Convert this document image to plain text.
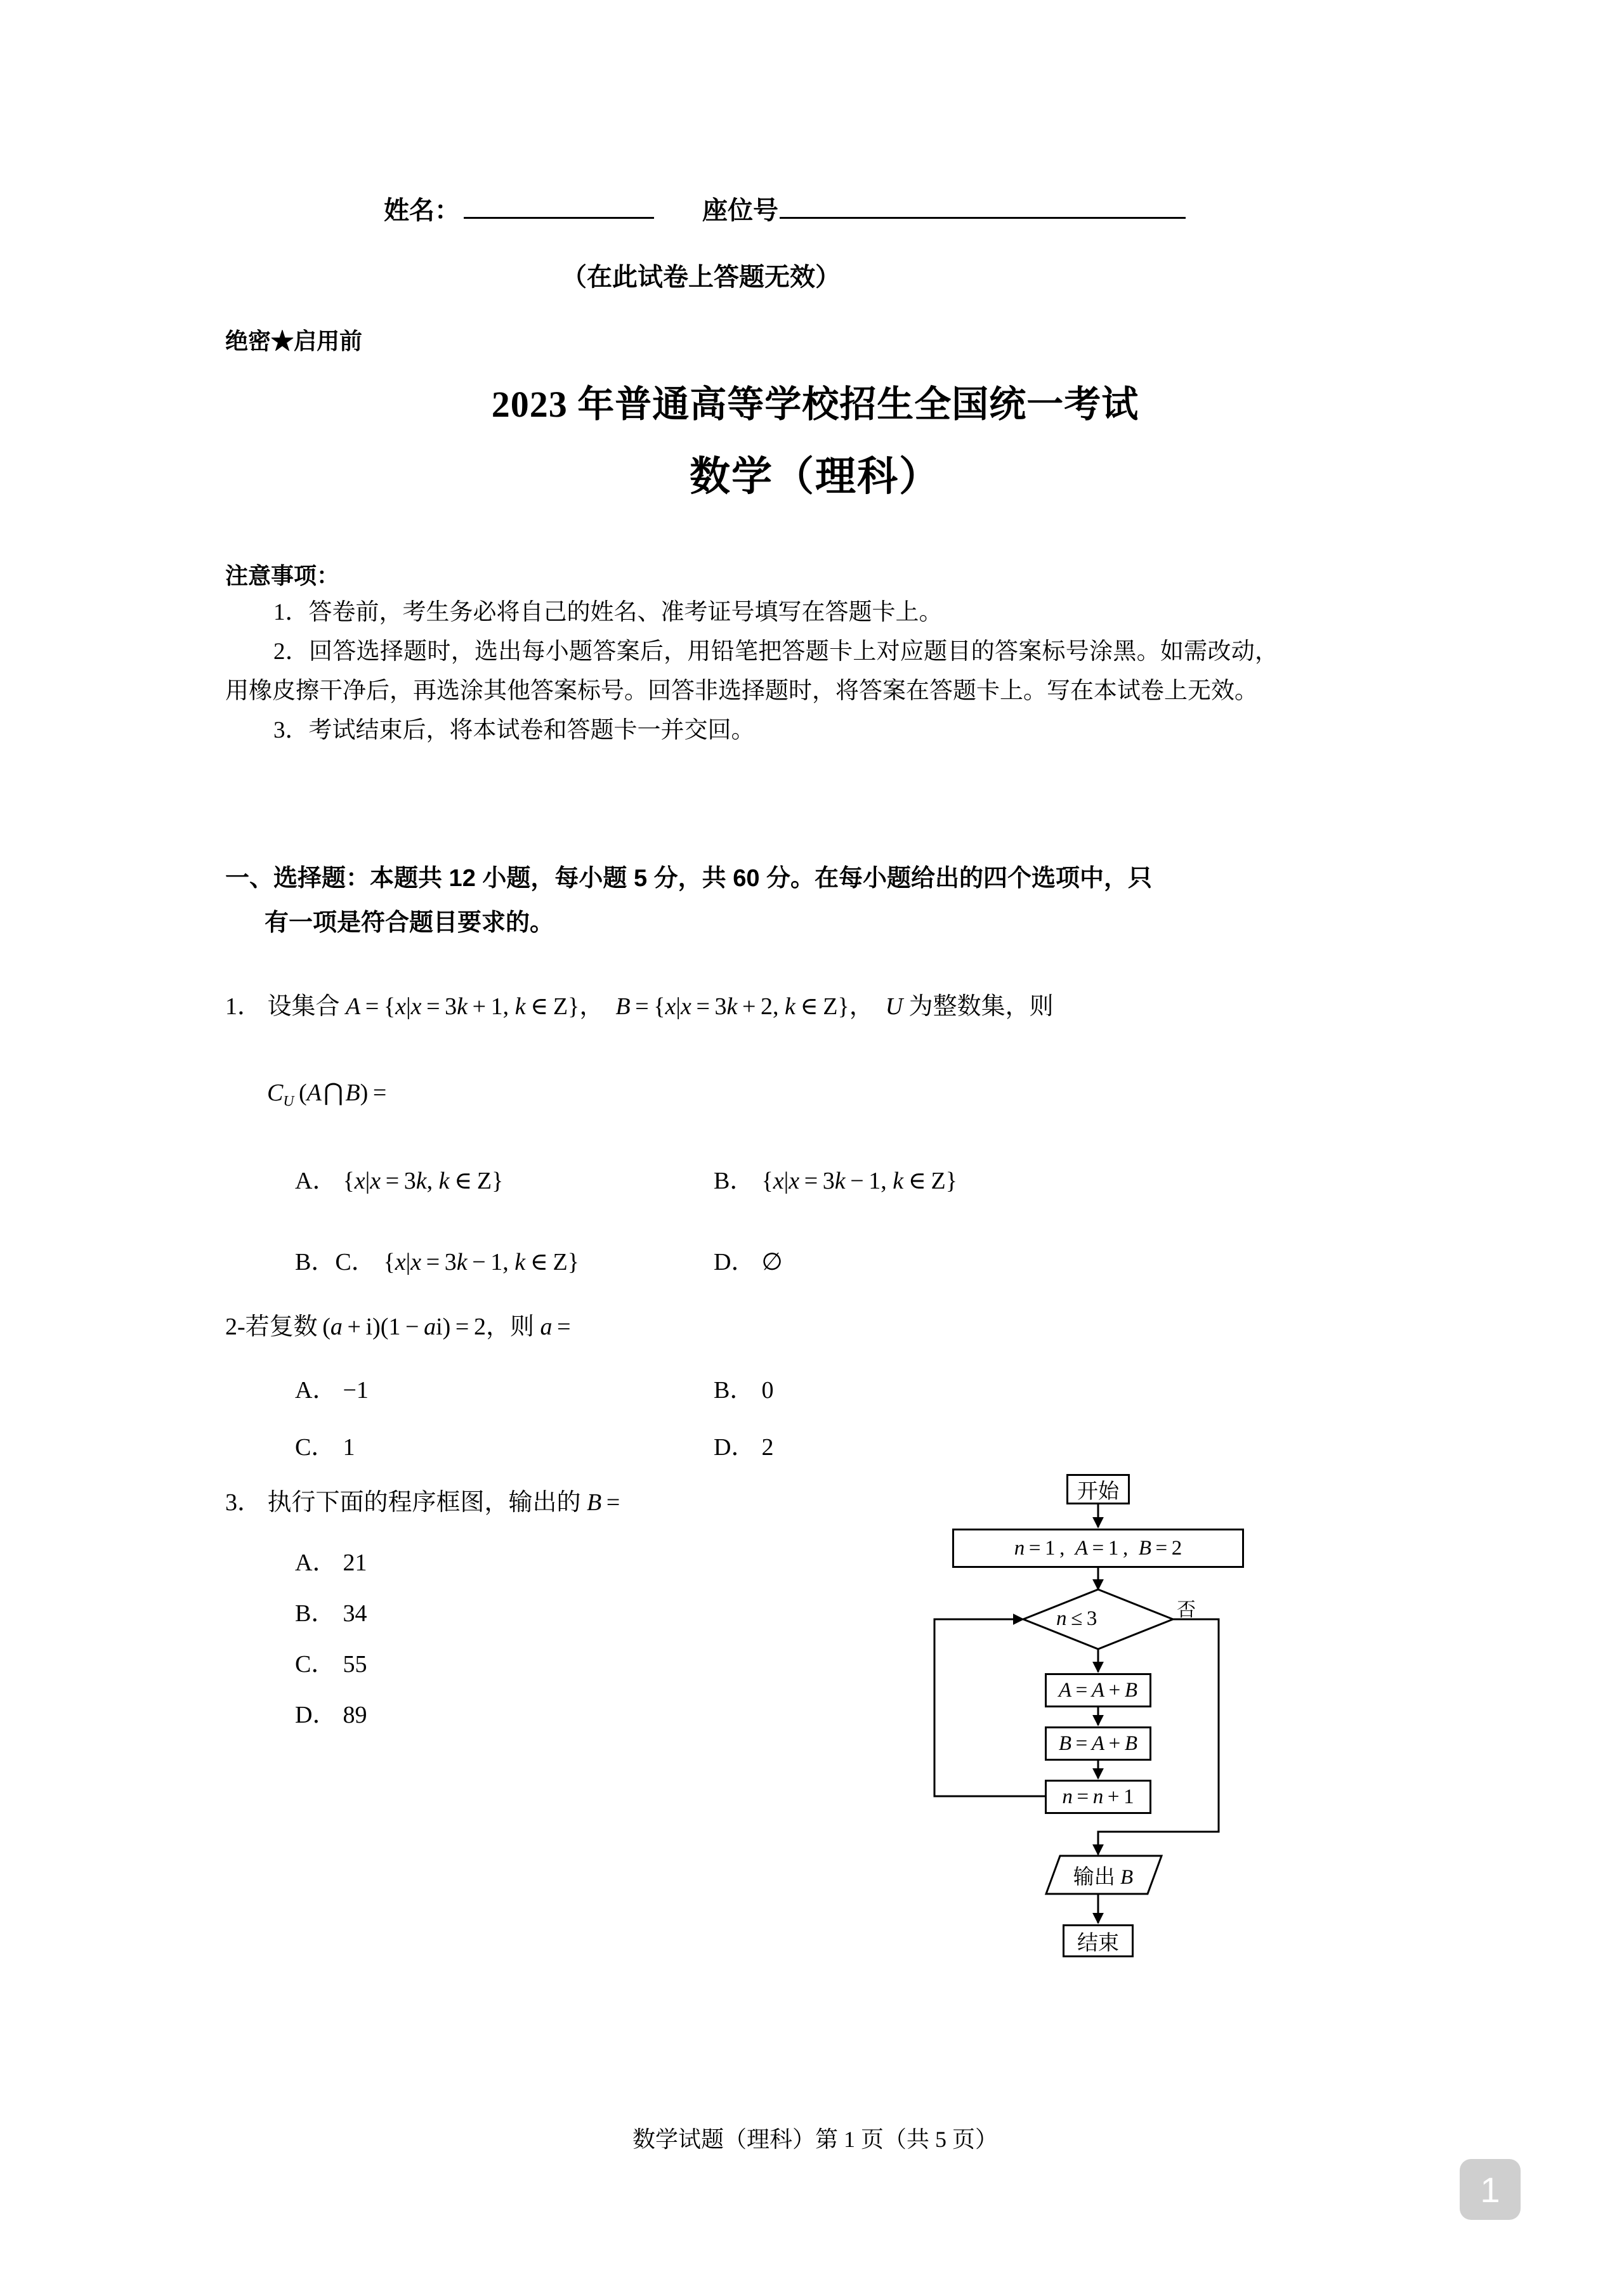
姓名：	座位号
（在此试卷上答题无效）
绝密★启用前
2023 年普通高等学校招生全国统一考试
数学（理科）
注意事项：

1．答卷前，考生务必将自己的姓名、准考证号填写在答题卡上。

2．回答选择题时，选出每小题答案后，用铅笔把答题卡上对应题目的答案标号涂黑。如需改动，用橡皮擦干净后，再选涂其他答案标号。回答非选择题时，将答案在答题卡上。写在本试卷上无效。

3．考试结束后，将本试卷和答题卡一并交回。

一、选择题：本题共 12 小题，每小题 5 分，共 60 分。在每小题给出的四个选项中，只
有一项是符合题目要求的。
1． 设集合 A = {x|x = 3k + 1, k ∈ Z}，  B = {x|x = 3k + 2, k ∈ Z}，  U 为整数集，则
$C_U$ (A ⋂ B) =
A． {x|x = 3k, k ∈ Z}	B． {x|x = 3k − 1, k ∈ Z}
B．C． {x|x = 3k − 1, k ∈ Z}	D． ∅
2-若复数 (a + i)(1 − ai) = 2，则 a =
A． −1	B． 0
C． 1	D． 2
3． 执行下面的程序框图，输出的 B =
A． 21
B． 34
C． 55
D． 89
开始
n = 1 ,  A = 1 ,  B = 2
n ≤ 3	否
A = A + B
B = A + B
n = n + 1
输出 B
结束
数学试题（理科）第 1 页（共 5 页）
1
